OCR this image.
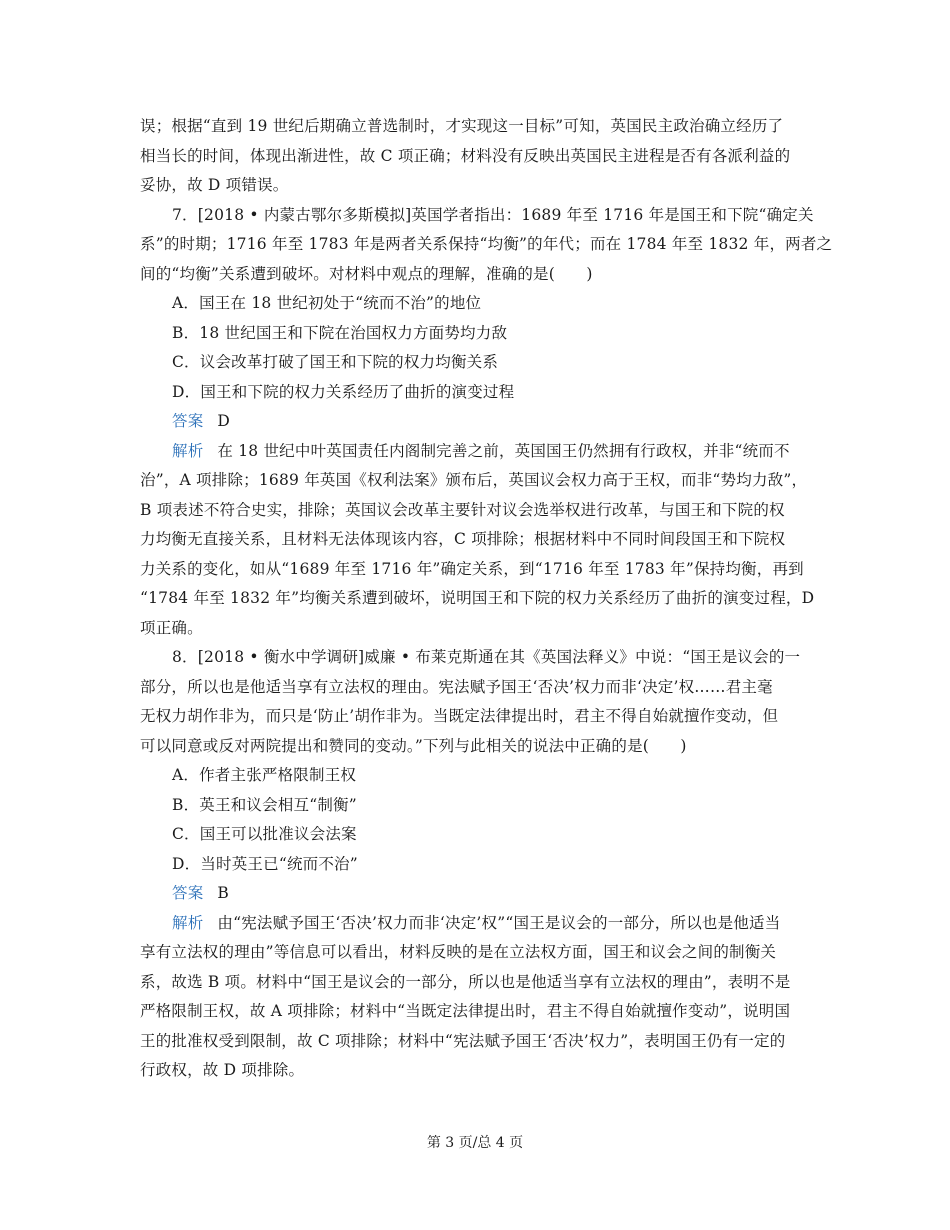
误；根据“直到 19 世纪后期确立普选制时，才实现这一目标”可知，英国民主政治确立经历了
相当长的时间，体现出渐进性，故 C 项正确；材料没有反映出英国民主进程是否有各派利益的
妥协，故 D 项错误。
7．[2018 • 内蒙古鄂尔多斯模拟]英国学者指出：1689 年至 1716 年是国王和下院“确定关
系”的时期；1716 年至 1783 年是两者关系保持“均衡”的年代；而在 1784 年至 1832 年，两者之
间的“均衡”关系遭到破坏。对材料中观点的理解，准确的是(　　)
A．国王在 18 世纪初处于“统而不治”的地位
B．18 世纪国王和下院在治国权力方面势均力敌
C．议会改革打破了国王和下院的权力均衡关系
D．国王和下院的权力关系经历了曲折的演变过程
答案 D
解析 在 18 世纪中叶英国责任内阁制完善之前，英国国王仍然拥有行政权，并非“统而不
治”，A 项排除；1689 年英国《权利法案》颁布后，英国议会权力高于王权，而非“势均力敌”，
B 项表述不符合史实，排除；英国议会改革主要针对议会选举权进行改革，与国王和下院的权
力均衡无直接关系，且材料无法体现该内容，C 项排除；根据材料中不同时间段国王和下院权
力关系的变化，如从“1689 年至 1716 年”确定关系，到“1716 年至 1783 年”保持均衡，再到
“1784 年至 1832 年”均衡关系遭到破坏，说明国王和下院的权力关系经历了曲折的演变过程，D
项正确。
8．[2018 • 衡水中学调研]威廉 • 布莱克斯通在其《英国法释义》中说：“国王是议会的一
部分，所以也是他适当享有立法权的理由。宪法赋予国王‘否决’权力而非‘决定’权……君主毫
无权力胡作非为，而只是‘防止’胡作非为。当既定法律提出时，君主不得自始就擅作变动，但
可以同意或反对两院提出和赞同的变动。”下列与此相关的说法中正确的是(　　)
A．作者主张严格限制王权
B．英王和议会相互“制衡”
C．国王可以批准议会法案
D．当时英王已“统而不治”
答案 B
解析 由“宪法赋予国王‘否决’权力而非‘决定’权”“国王是议会的一部分，所以也是他适当
享有立法权的理由”等信息可以看出，材料反映的是在立法权方面，国王和议会之间的制衡关
系，故选 B 项。材料中“国王是议会的一部分，所以也是他适当享有立法权的理由”，表明不是
严格限制王权，故 A 项排除；材料中“当既定法律提出时，君主不得自始就擅作变动”，说明国
王的批准权受到限制，故 C 项排除；材料中“宪法赋予国王‘否决’权力”，表明国王仍有一定的
行政权，故 D 项排除。
第 3 页/总 4 页
